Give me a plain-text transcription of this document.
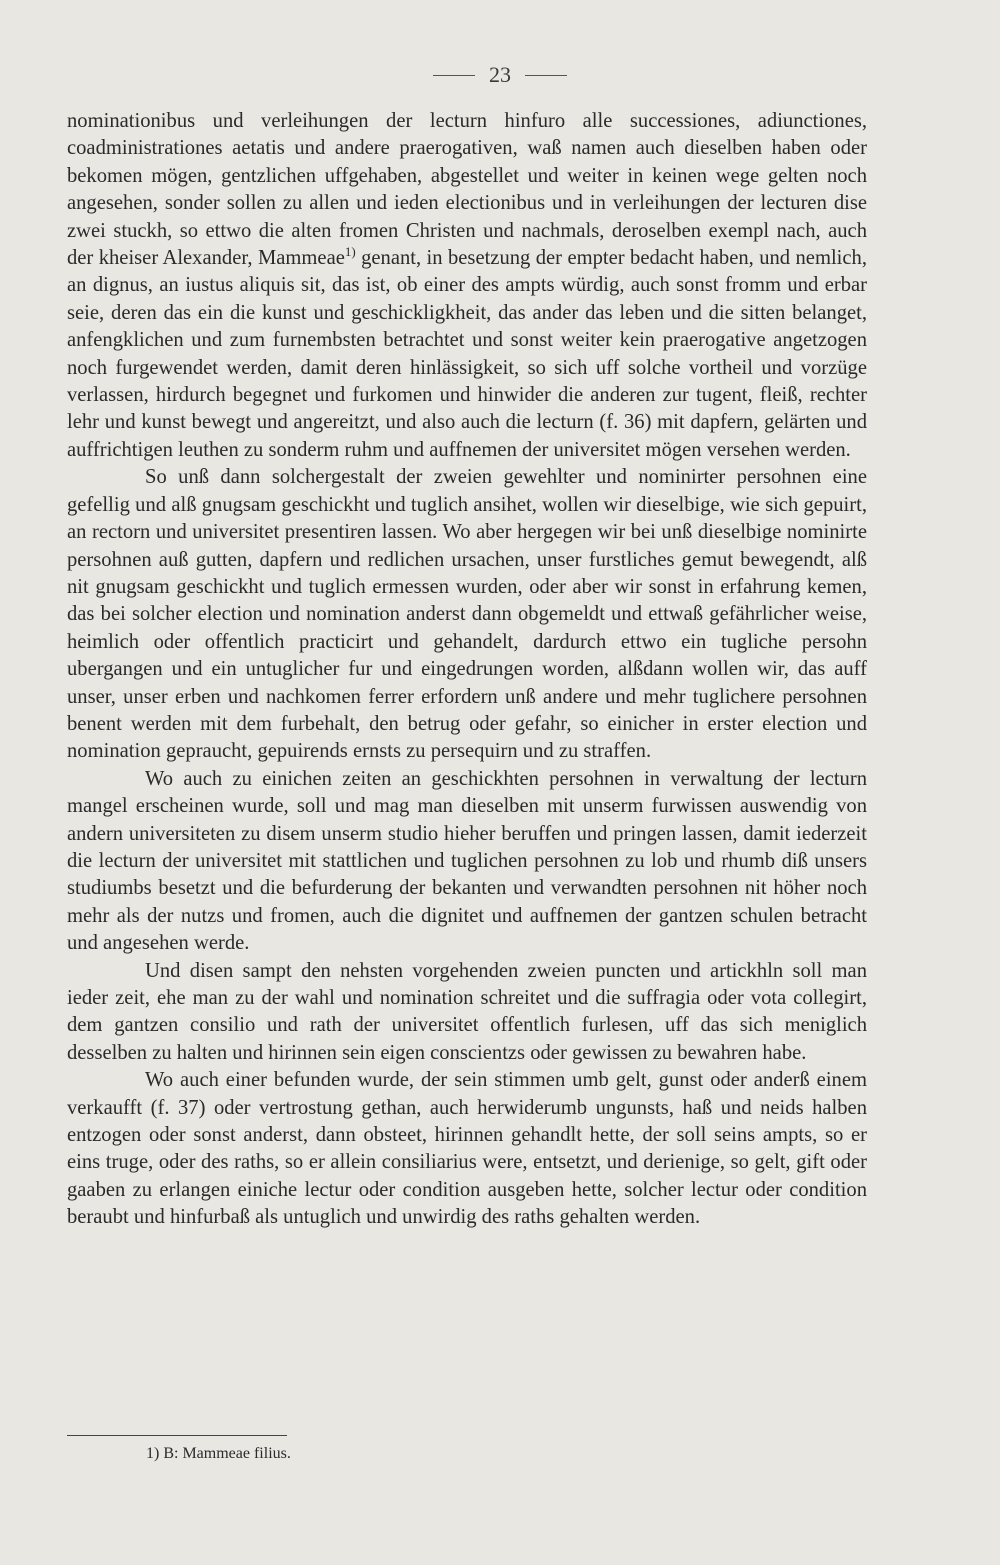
23

nominationibus und verleihungen der lecturn hinfuro alle successiones, adiunctiones, coadministrationes aetatis und andere praerogativen, waß namen auch dieselben haben oder bekomen mögen, gentzlichen uffgehaben, abgestellet und weiter in keinen wege gelten noch angesehen, sonder sollen zu allen und ieden electionibus und in verleihungen der lecturen dise zwei stuckh, so ettwo die alten fromen Christen und nachmals, deroselben exempl nach, auch der kheiser Alexander, Mammeae$^{1)}$ genant, in besetzung der empter bedacht haben, und nemlich, an dignus, an iustus aliquis sit, das ist, ob einer des ampts würdig, auch sonst fromm und erbar seie, deren das ein die kunst und geschickligkheit, das ander das leben und die sitten belanget, anfengklichen und zum furnembsten betrachtet und sonst weiter kein praerogative angetzogen noch furgewendet werden, damit deren hinlässigkeit, so sich uff solche vortheil und vorzüge verlassen, hirdurch begegnet und furkomen und hinwider die anderen zur tugent, fleiß, rechter lehr und kunst bewegt und angereitzt, und also auch die lecturn (f. 36) mit dapfern, gelärten und auffrichtigen leuthen zu sonderm ruhm und auffnemen der universitet mögen versehen werden.

So unß dann solchergestalt der zweien gewehlter und nominirter persohnen eine gefellig und alß gnugsam geschickht und tuglich ansihet, wollen wir dieselbige, wie sich gepuirt, an rectorn und universitet presentiren lassen. Wo aber hergegen wir bei unß dieselbige nominirte persohnen auß gutten, dapfern und redlichen ursachen, unser furstliches gemut bewegendt, alß nit gnugsam geschickht und tuglich ermessen wurden, oder aber wir sonst in erfahrung kemen, das bei solcher election und nomination anderst dann obgemeldt und ettwaß gefährlicher weise, heimlich oder offentlich practicirt und gehandelt, dardurch ettwo ein tugliche persohn ubergangen und ein untuglicher fur und eingedrungen worden, alßdann wollen wir, das auff unser, unser erben und nachkomen ferrer erfordern unß andere und mehr tuglichere persohnen benent werden mit dem furbehalt, den betrug oder gefahr, so einicher in erster election und nomination gepraucht, gepuirends ernsts zu persequirn und zu straffen.

Wo auch zu einichen zeiten an geschickhten persohnen in verwaltung der lecturn mangel erscheinen wurde, soll und mag man dieselben mit unserm furwissen auswendig von andern universiteten zu disem unserm studio hieher beruffen und pringen lassen, damit iederzeit die lecturn der universitet mit stattlichen und tuglichen persohnen zu lob und rhumb diß unsers studiumbs besetzt und die befurderung der bekanten und verwandten persohnen nit höher noch mehr als der nutzs und fromen, auch die dignitet und auffnemen der gantzen schulen betracht und angesehen werde.

Und disen sampt den nehsten vorgehenden zweien puncten und artickhln soll man ieder zeit, ehe man zu der wahl und nomination schreitet und die suffragia oder vota collegirt, dem gantzen consilio und rath der universitet offentlich furlesen, uff das sich meniglich desselben zu halten und hirinnen sein eigen conscientzs oder gewissen zu bewahren habe.

Wo auch einer befunden wurde, der sein stimmen umb gelt, gunst oder anderß einem verkaufft (f. 37) oder vertrostung gethan, auch herwiderumb ungunsts, haß und neids halben entzogen oder sonst anderst, dann obsteet, hirinnen gehandlt hette, der soll seins ampts, so er eins truge, oder des raths, so er allein consiliarius were, entsetzt, und derienige, so gelt, gift oder gaaben zu erlangen einiche lectur oder condition ausgeben hette, solcher lectur oder condition beraubt und hinfurbaß als untuglich und unwirdig des raths gehalten werden.

1) B: Mammeae filius.
